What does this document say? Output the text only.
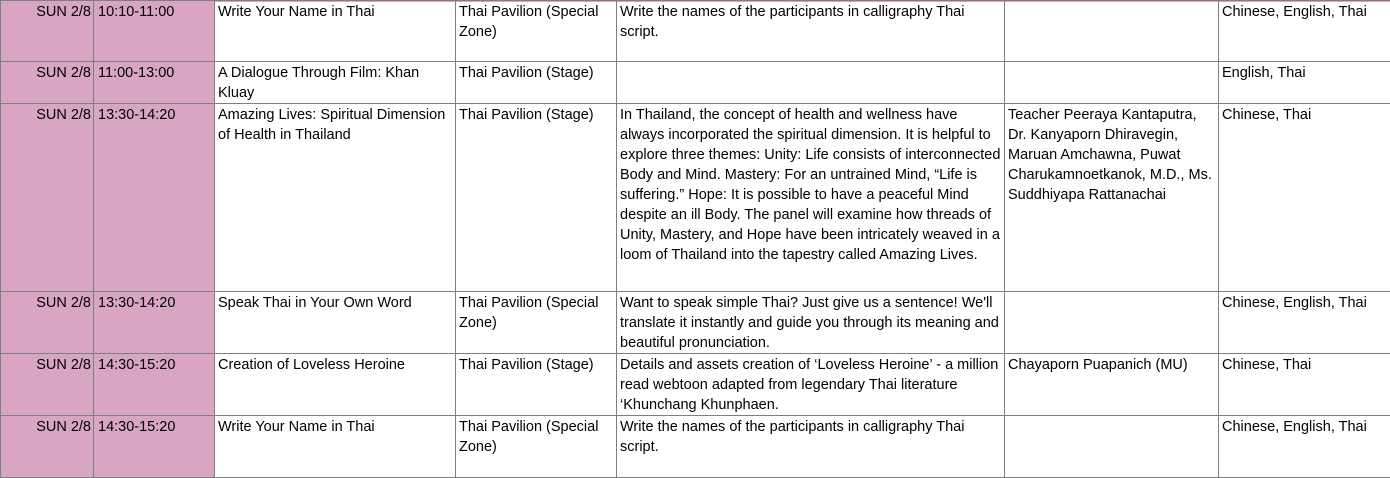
SUN 2/8	10:10-11:00	Write Your Name in Thai	Thai Pavilion (Special Zone)	Write the names of the participants in calligraphy Thai script.		Chinese, English, Thai
SUN 2/8	11:00-13:00	A Dialogue Through Film: Khan Kluay	Thai Pavilion (Stage)			English, Thai
SUN 2/8	13:30-14:20	Amazing Lives: Spiritual Dimension of Health in Thailand	Thai Pavilion (Stage)	In Thailand, the concept of health and wellness have always incorporated the spiritual dimension. It is helpful to explore three themes: Unity: Life consists of interconnected Body and Mind. Mastery: For an untrained Mind, “Life is suffering.” Hope: It is possible to have a peaceful Mind despite an ill Body. The panel will examine how threads of Unity, Mastery, and Hope have been intricately weaved in a loom of Thailand into the tapestry called Amazing Lives.	Teacher Peeraya Kantaputra, Dr. Kanyaporn Dhiravegin, Maruan Amchawna, Puwat Charukamnoetkanok, M.D., Ms. Suddhiyapa Rattanachai	Chinese, Thai
SUN 2/8	13:30-14:20	Speak Thai in Your Own Word	Thai Pavilion (Special Zone)	Want to speak simple Thai? Just give us a sentence! We'll translate it instantly and guide you through its meaning and beautiful pronunciation.		Chinese, English, Thai
SUN 2/8	14:30-15:20	Creation of Loveless Heroine	Thai Pavilion (Stage)	Details and assets creation of ‘Loveless Heroine’ - a million read webtoon adapted from legendary Thai literature ‘Khunchang Khunphaen.	Chayaporn Puapanich (MU)	Chinese, Thai
SUN 2/8	14:30-15:20	Write Your Name in Thai	Thai Pavilion (Special Zone)	Write the names of the participants in calligraphy Thai script.		Chinese, English, Thai
